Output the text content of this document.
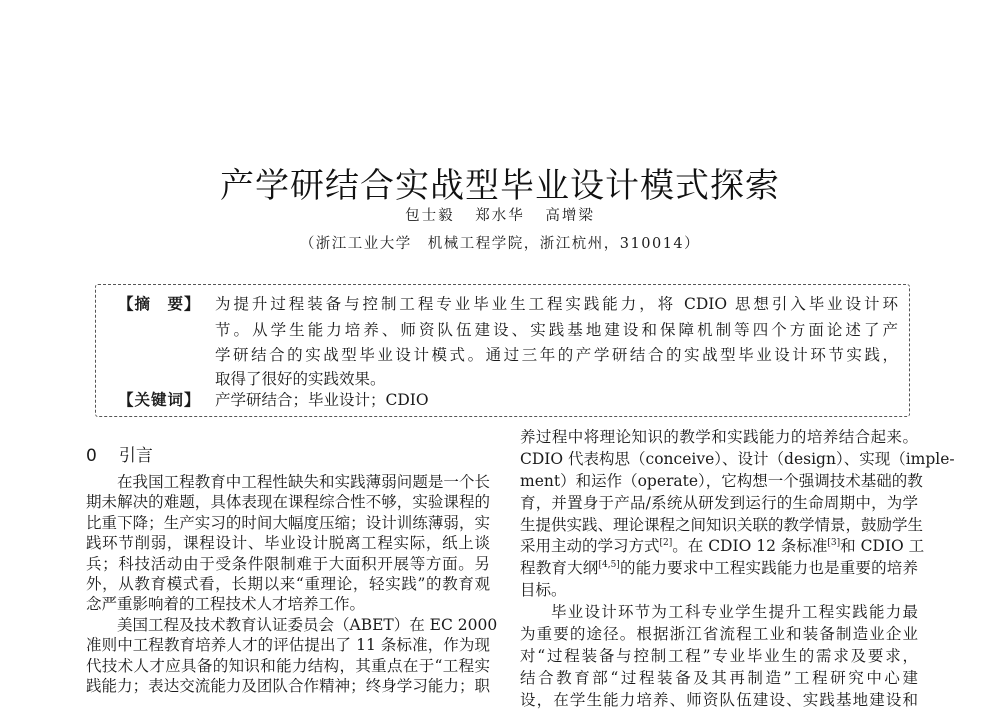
产学研结合实战型毕业设计模式探索
包士毅 郑水华 高增梁
（浙江工业大学　机械工程学院，浙江杭州，310014）
【摘　要】 为提升过程装备与控制工程专业毕业生工程实践能力，将 CDIO 思想引入毕业设计环
节。从学生能力培养、师资队伍建设、实践基地建设和保障机制等四个方面论述了产
学研结合的实战型毕业设计模式。通过三年的产学研结合的实战型毕业设计环节实践，
取得了很好的实践效果。
【关键词】 产学研结合；毕业设计；CDIO
0 引言
在我国工程教育中工程性缺失和实践薄弱问题是一个长
期未解决的难题，具体表现在课程综合性不够，实验课程的
比重下降；生产实习的时间大幅度压缩；设计训练薄弱，实
践环节削弱，课程设计、毕业设计脱离工程实际，纸上谈
兵；科技活动由于受条件限制难于大面积开展等方面。另
外，从教育模式看，长期以来“重理论，轻实践”的教育观
念严重影响着的工程技术人才培养工作。
美国工程及技术教育认证委员会（ABET）在 EC 2000
准则中工程教育培养人才的评估提出了 11 条标准，作为现
代技术人才应具备的知识和能力结构，其重点在于“工程实
践能力；表达交流能力及团队合作精神；终身学习能力；职
养过程中将理论知识的教学和实践能力的培养结合起来。
CDIO 代表构思（conceive）、设计（design）、实现（imple-
ment）和运作（operate），它构想一个强调技术基础的教
育，并置身于产品/系统从研发到运行的生命周期中，为学
生提供实践、理论课程之间知识关联的教学情景，鼓励学生
采用主动的学习方式[2]。在 CDIO 12 条标准[3]和 CDIO 工
程教育大纲[4,5]的能力要求中工程实践能力也是重要的培养
目标。
毕业设计环节为工科专业学生提升工程实践能力最
为重要的途径。根据浙江省流程工业和装备制造业企业
对“过程装备与控制工程”专业毕业生的需求及要求，
结合教育部“过程装备及其再制造”工程研究中心建
设，在学生能力培养、师资队伍建设、实践基地建设和
